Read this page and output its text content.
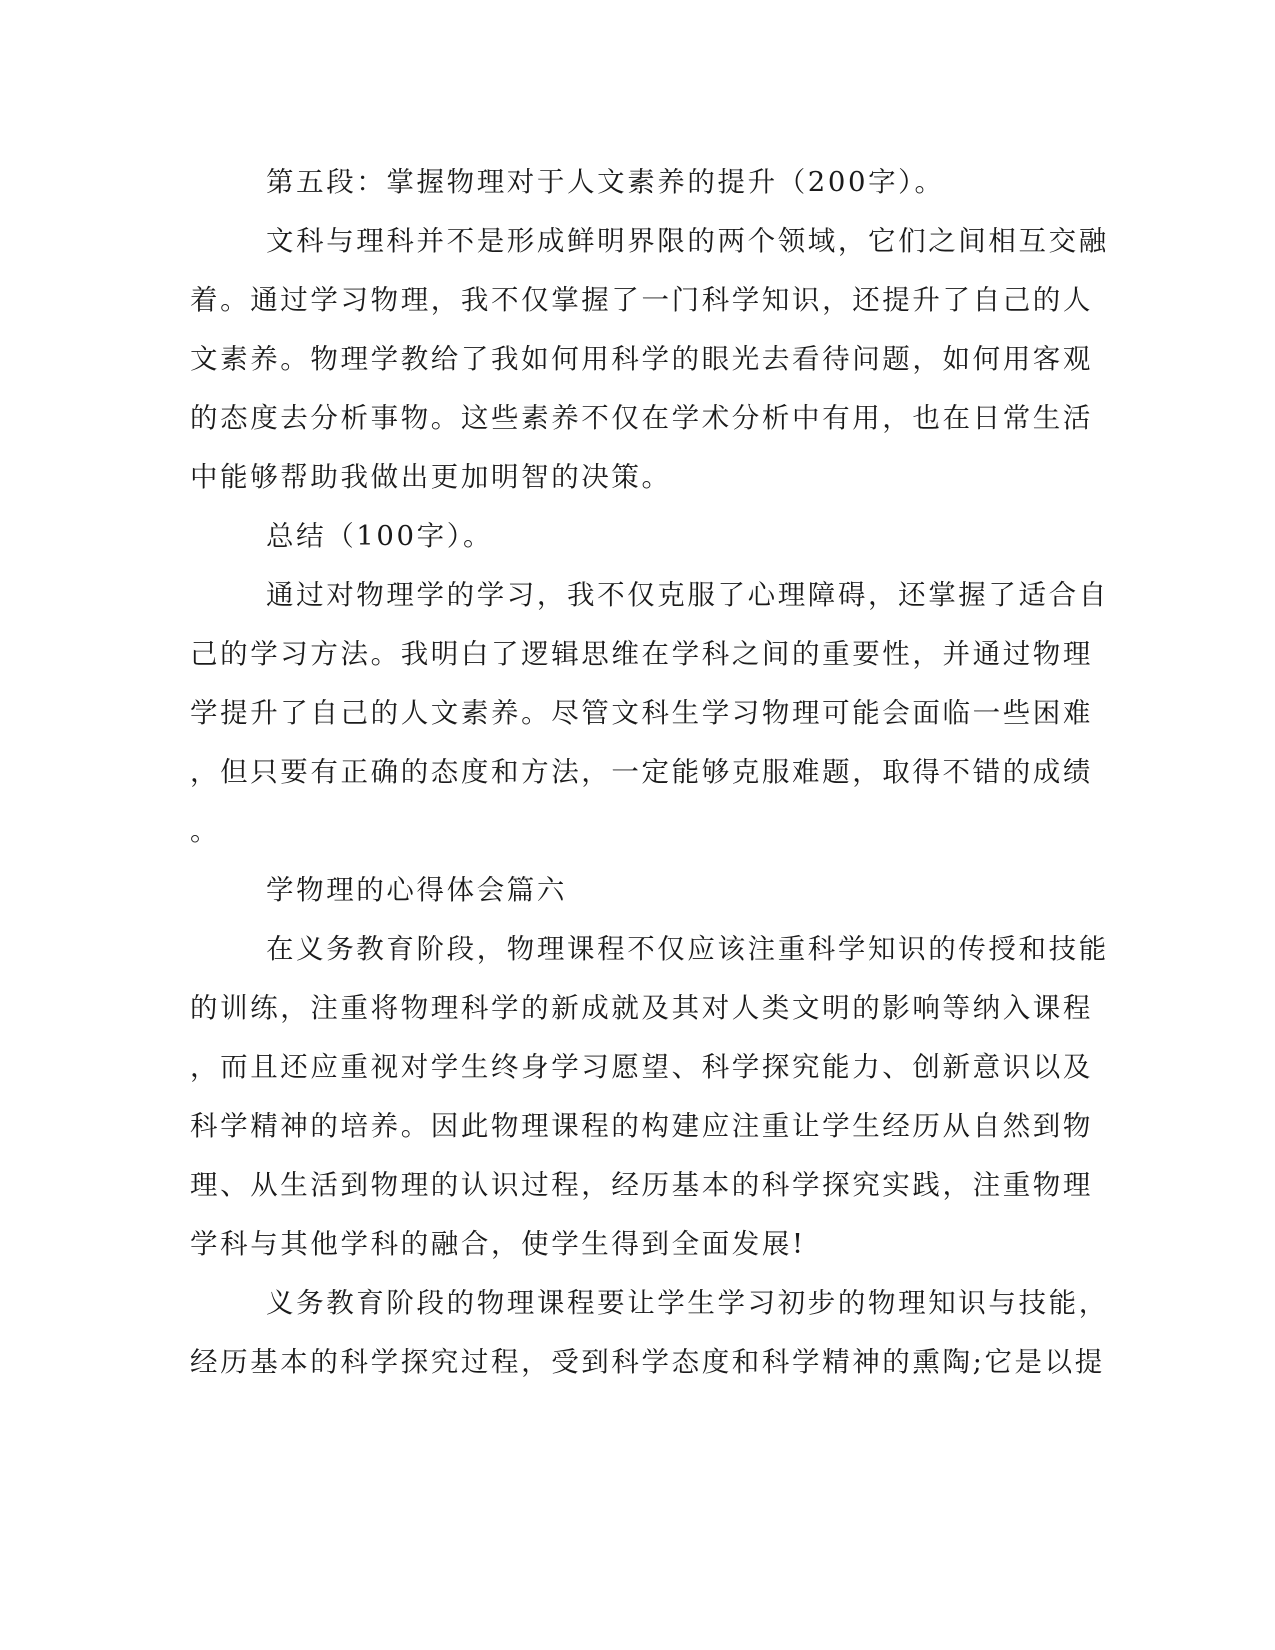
第五段：掌握物理对于人文素养的提升（200字）。
文科与理科并不是形成鲜明界限的两个领域，它们之间相互交融
着。通过学习物理，我不仅掌握了一门科学知识，还提升了自己的人
文素养。物理学教给了我如何用科学的眼光去看待问题，如何用客观
的态度去分析事物。这些素养不仅在学术分析中有用，也在日常生活
中能够帮助我做出更加明智的决策。
总结（100字）。
通过对物理学的学习，我不仅克服了心理障碍，还掌握了适合自
己的学习方法。我明白了逻辑思维在学科之间的重要性，并通过物理
学提升了自己的人文素养。尽管文科生学习物理可能会面临一些困难
，但只要有正确的态度和方法，一定能够克服难题，取得不错的成绩
。
学物理的心得体会篇六
在义务教育阶段，物理课程不仅应该注重科学知识的传授和技能
的训练，注重将物理科学的新成就及其对人类文明的影响等纳入课程
，而且还应重视对学生终身学习愿望、科学探究能力、创新意识以及
科学精神的培养。因此物理课程的构建应注重让学生经历从自然到物
理、从生活到物理的认识过程，经历基本的科学探究实践，注重物理
学科与其他学科的融合，使学生得到全面发展!
义务教育阶段的物理课程要让学生学习初步的物理知识与技能，
经历基本的科学探究过程，受到科学态度和科学精神的熏陶;它是以提
